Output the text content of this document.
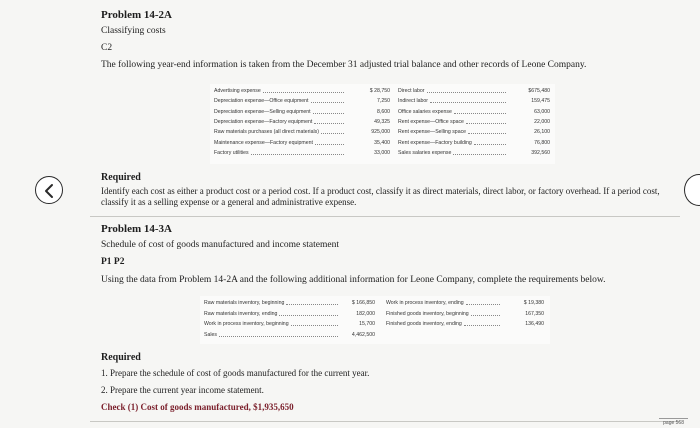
Problem 14-2A
Classifying costs
C2
The following year-end information is taken from the December 31 adjusted trial balance and other records of Leone Company.
Advertising expense	$ 28,750
Depreciation expense—Office equipment	7,250
Depreciation expense—Selling equipment	8,600
Depreciation expense—Factory equipment	49,325
Raw materials purchases (all direct materials)	925,000
Maintenance expense—Factory equipment	35,400
Factory utilities	33,000
Direct labor	$675,480
Indirect labor	159,475
Office salaries expense	63,000
Rent expense—Office space	22,000
Rent expense—Selling space	26,100
Rent expense—Factory building	76,800
Sales salaries expense	392,560
Required
Identify each cost as either a product cost or a period cost. If a product cost, classify it as direct materials, direct labor, or factory overhead. If a period cost, classify it as a selling expense or a general and administrative expense.
Problem 14-3A
Schedule of cost of goods manufactured and income statement
P1 P2
Using the data from Problem 14-2A and the following additional information for Leone Company, complete the requirements below.
Raw materials inventory, beginning	$ 166,850
Raw materials inventory, ending	182,000
Work in process inventory, beginning	15,700
Sales	4,462,500
Work in process inventory, ending	$ 19,380
Finished goods inventory, beginning	167,350
Finished goods inventory, ending	136,490
Required
1. Prepare the schedule of cost of goods manufactured for the current year.
2. Prepare the current year income statement.
Check (1) Cost of goods manufactured, $1,935,650
page 568
